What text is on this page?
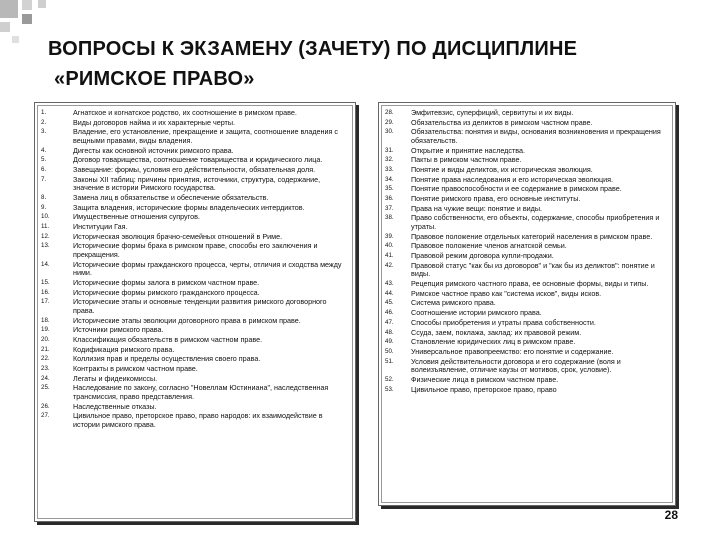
ВОПРОСЫ К ЭКЗАМЕНУ (ЗАЧЕТУ) ПО ДИСЦИПЛИНЕ
«РИМСКОЕ ПРАВО»
1.	Агнатское и когнатское родство, их соотношение в римском праве.
2.	Виды договоров найма и их характерные черты.
3.	Владение, его установление, прекращение и защита, соотношение владения с вещными правами, виды владения.
4.	Дигесты как основной источник римского права.
5.	Договор товарищества, соотношение товарищества и юридического лица.
6.	Завещание: формы, условия его действительности, обязательная доля.
7.	Законы XII таблиц: причины принятия, источники, структура, содержание, значение в истории Римского государства.
8.	Замена лиц в обязательстве и обеспечение обязательств.
9.	Защита владения, исторические формы владельческих интердиктов.
10.	Имущественные отношения супругов.
11.	Институции Гая.
12.	Историческая эволюция брачно-семейных отношений в Риме.
13.	Исторические формы брака в римском праве, способы его заключения и прекращения.
14.	Исторические формы гражданского процесса, черты, отличия и сходства между ними.
15.	Исторические формы залога в римском частном праве.
16.	Исторические формы римского гражданского процесса.
17.	Исторические этапы и основные тенденции развития римского договорного права.
18.	Исторические этапы эволюции договорного права в римском праве.
19.	Источники римского права.
20.	Классификация обязательств в римском частном праве.
21.	Кодификация римского права.
22.	Коллизия прав и пределы осуществления своего права.
23.	Контракты в римском частном праве.
24.	Легаты и фидеикомиссы.
25.	Наследование по закону, согласно "Новеллам Юстиниана", наследственная трансмиссия, право представления.
26.	Наследственные отказы.
27.	Цивильное право, преторское право, право народов: их взаимодействие в истории римского права.
28.	Эмфитевзис, суперфиций, сервитуты и их виды.
29.	Обязательства из деликтов в римском частном праве.
30.	Обязательства: понятия и виды, основания возникновения и прекращения обязательств.
31.	Открытие и принятие наследства.
32.	Пакты в римском частном праве.
33.	Понятие и виды деликтов, их историческая эволюция.
34.	Понятие права наследования и его историческая эволюция.
35.	Понятие правоспособности и ее содержание в римском праве.
36.	Понятие римского права, его основные институты.
37.	Права на чужие вещи: понятие и виды.
38.	Право собственности, его объекты, содержание, способы приобретения и утраты.
39.	Правовое положение отдельных категорий населения в римском праве.
40.	Правовое положение членов агнатской семьи.
41.	Правовой режим договора купли-продажи.
42.	Правовой статус "как бы из договоров" и "как бы из деликтов": понятие и виды.
43.	Рецепция римского частного права, ее основные формы, виды и типы.
44.	Римское частное право как "система исков", виды исков.
45.	Система римского права.
46.	Соотношение истории римского права.
47.	Способы приобретения и утраты права собственности.
48.	Ссуда, заем, поклажа, заклад: их правовой режим.
49.	Становление юридических лиц в римском праве.
50.	Универсальное правопреемство: его понятие и содержание.
51.	Условия действительности договора и его содержание (воля и волеизъявление, отличие каузы от мотивов, срок, условие).
52.	Физические лица в римском частном праве.
53.	Цивильное право, преторское право, право
28
